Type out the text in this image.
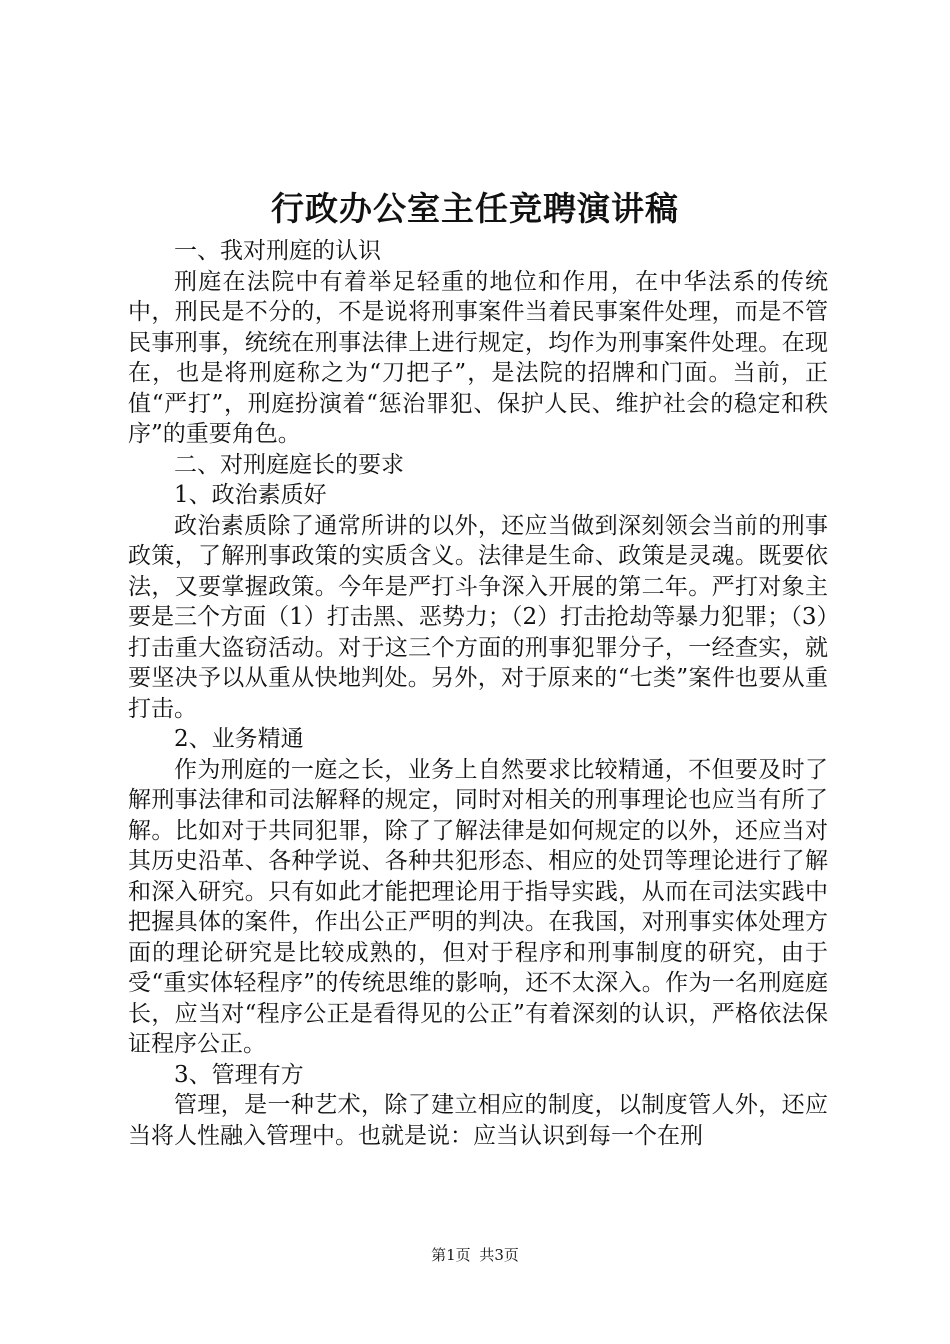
行政办公室主任竞聘演讲稿

一、我对刑庭的认识

刑庭在法院中有着举足轻重的地位和作用，在中华法系的传统中，刑民是不分的，不是说将刑事案件当着民事案件处理，而是不管民事刑事，统统在刑事法律上进行规定，均作为刑事案件处理。在现在，也是将刑庭称之为“刀把子”，是法院的招牌和门面。当前，正值“严打”，刑庭扮演着“惩治罪犯、保护人民、维护社会的稳定和秩序”的重要角色。

二、对刑庭庭长的要求

1、政治素质好

政治素质除了通常所讲的以外，还应当做到深刻领会当前的刑事政策，了解刑事政策的实质含义。法律是生命、政策是灵魂。既要依法，又要掌握政策。今年是严打斗争深入开展的第二年。严打对象主要是三个方面（1）打击黑、恶势力；（2）打击抢劫等暴力犯罪；（3）打击重大盗窃活动。对于这三个方面的刑事犯罪分子，一经查实，就要坚决予以从重从快地判处。另外，对于原来的“七类”案件也要从重打击。

2、业务精通

作为刑庭的一庭之长，业务上自然要求比较精通，不但要及时了解刑事法律和司法解释的规定，同时对相关的刑事理论也应当有所了解。比如对于共同犯罪，除了了解法律是如何规定的以外，还应当对其历史沿革、各种学说、各种共犯形态、相应的处罚等理论进行了解和深入研究。只有如此才能把理论用于指导实践，从而在司法实践中把握具体的案件，作出公正严明的判决。在我国，对刑事实体处理方面的理论研究是比较成熟的，但对于程序和刑事制度的研究，由于受“重实体轻程序”的传统思维的影响，还不太深入。作为一名刑庭庭长，应当对“程序公正是看得见的公正”有着深刻的认识，严格依法保证程序公正。

3、管理有方

管理，是一种艺术，除了建立相应的制度，以制度管人外，还应当将人性融入管理中。也就是说：应当认识到每一个在刑

第1页 共3页
